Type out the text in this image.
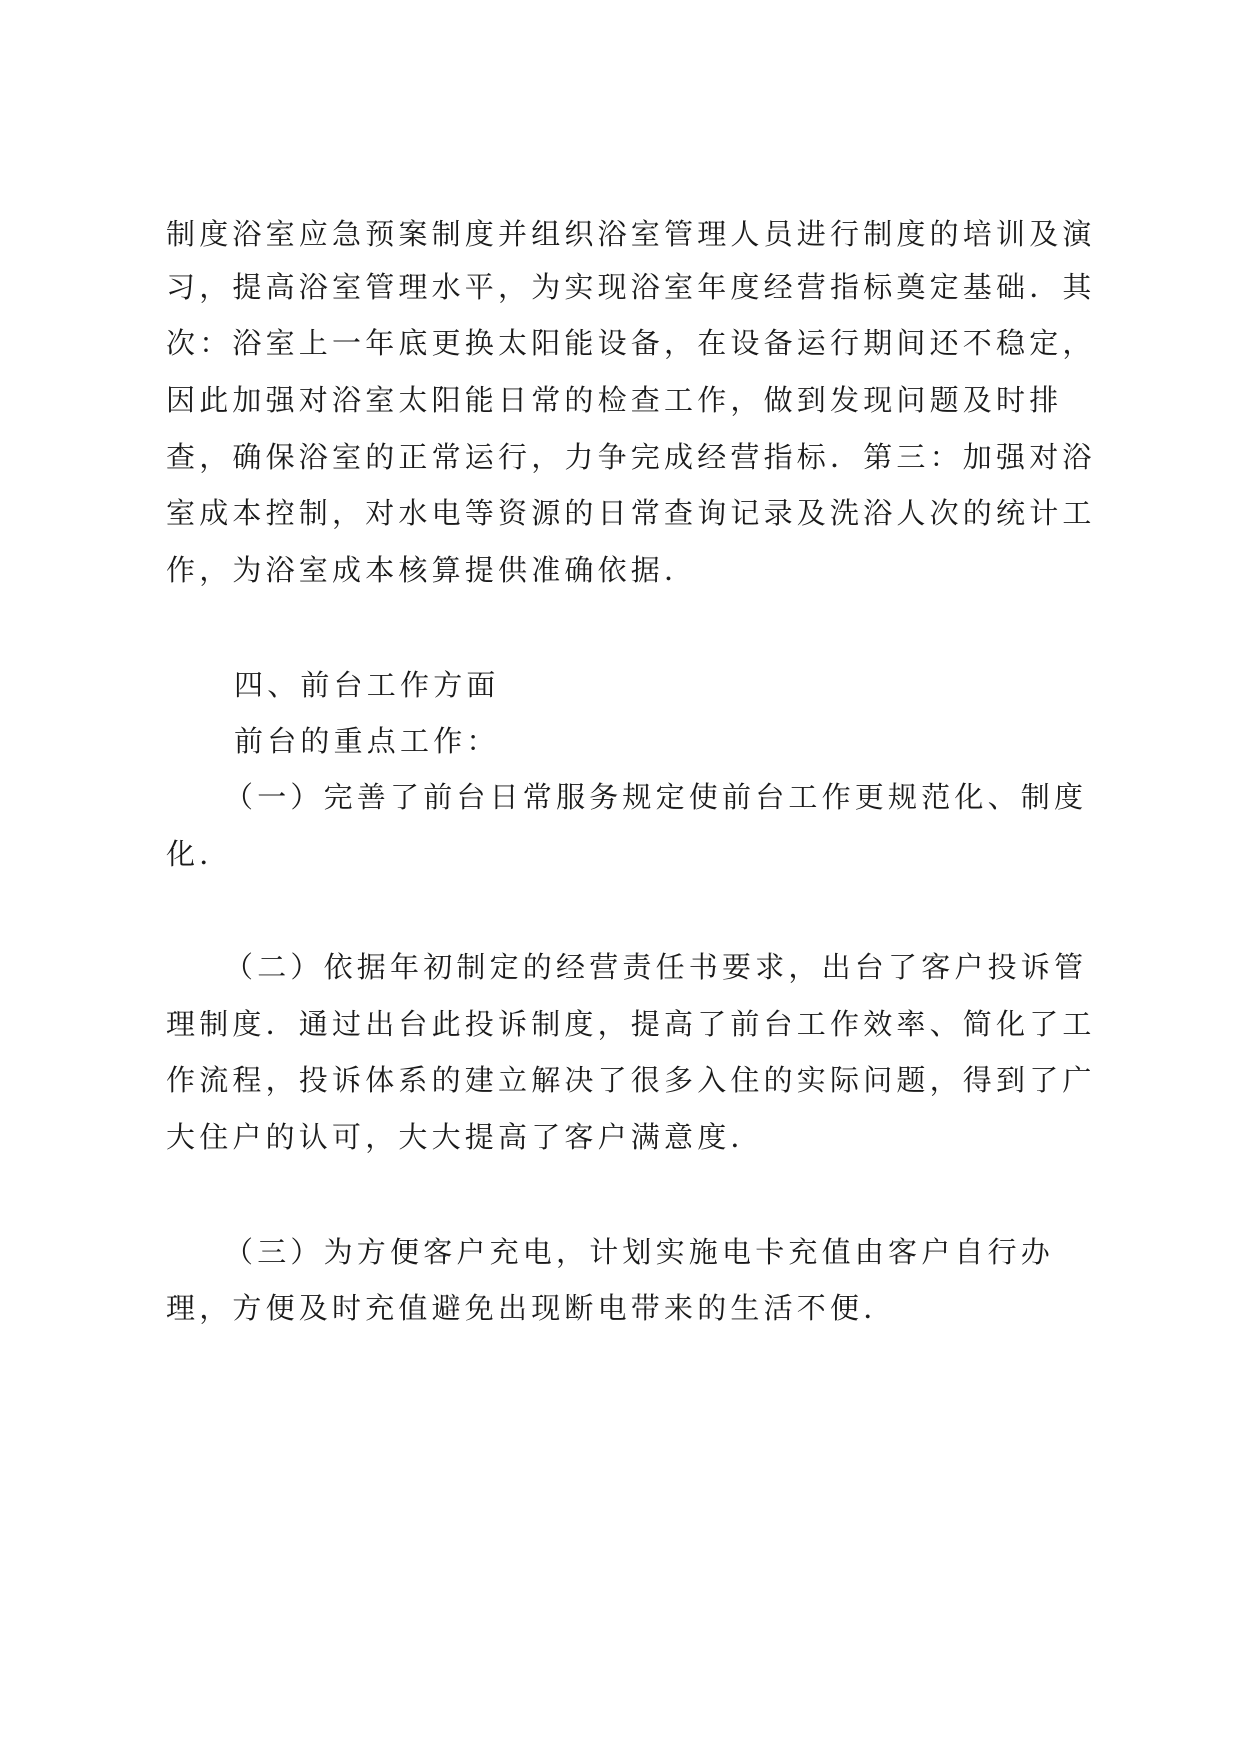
制度浴室应急预案制度并组织浴室管理人员进行制度的培训及演
习，提高浴室管理水平，为实现浴室年度经营指标奠定基础．其
次：浴室上一年底更换太阳能设备，在设备运行期间还不稳定，
因此加强对浴室太阳能日常的检查工作，做到发现问题及时排
查，确保浴室的正常运行，力争完成经营指标．第三：加强对浴
室成本控制，对水电等资源的日常查询记录及洗浴人次的统计工
作，为浴室成本核算提供准确依据．
四、前台工作方面
前台的重点工作：
（一）完善了前台日常服务规定使前台工作更规范化、制度
化．
（二）依据年初制定的经营责任书要求，出台了客户投诉管
理制度．通过出台此投诉制度，提高了前台工作效率、简化了工
作流程，投诉体系的建立解决了很多入住的实际问题，得到了广
大住户的认可，大大提高了客户满意度．
（三）为方便客户充电，计划实施电卡充值由客户自行办
理，方便及时充值避免出现断电带来的生活不便．
